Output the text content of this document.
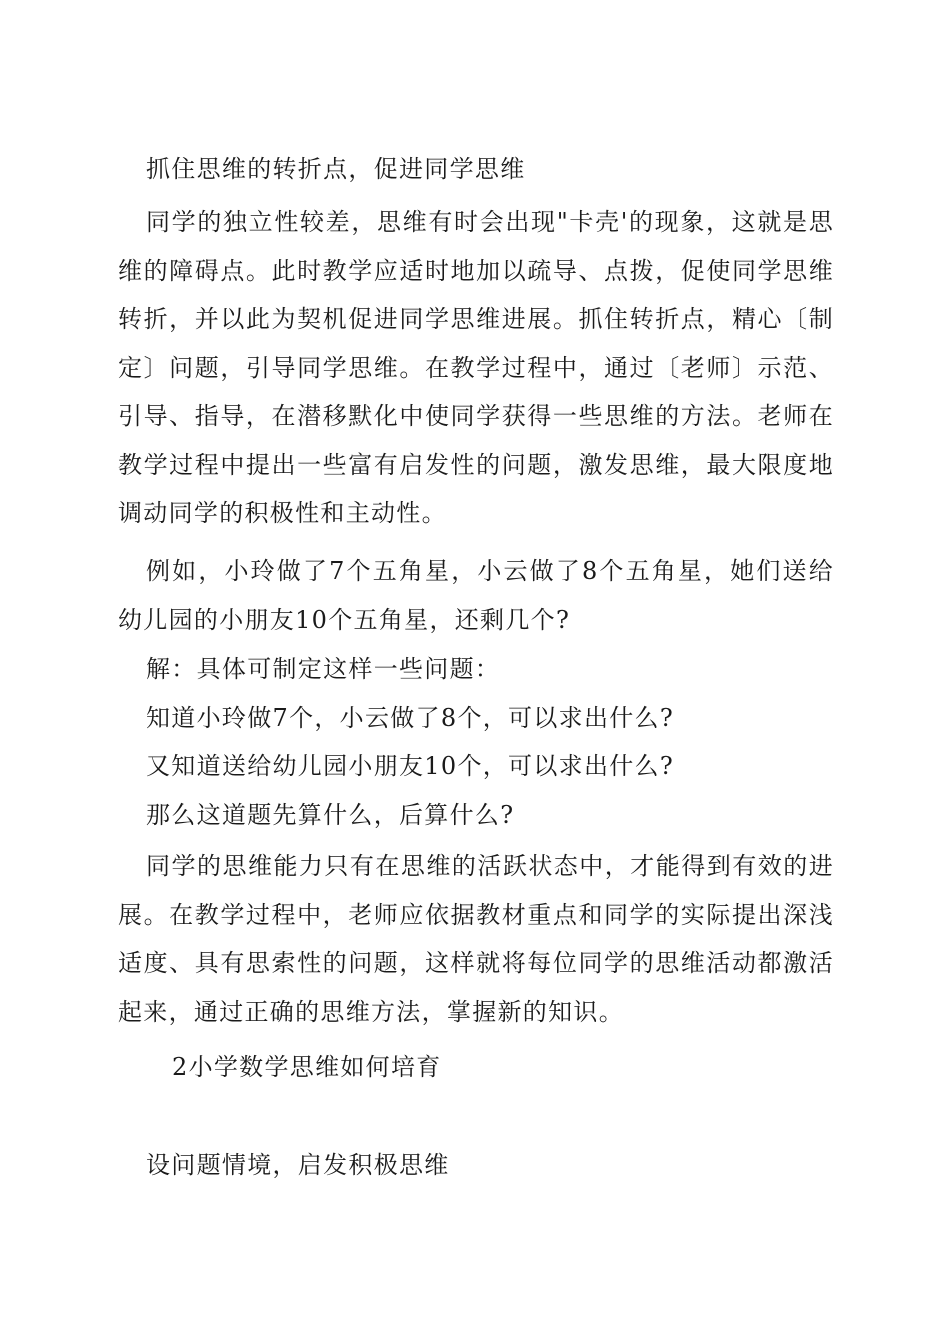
抓住思维的转折点，促进同学思维
同学的独立性较差，思维有时会出现"卡壳'的现象，这就是思维的障碍点。此时教学应适时地加以疏导、点拨，促使同学思维转折，并以此为契机促进同学思维进展。抓住转折点，精心〔制定〕问题，引导同学思维。在教学过程中，通过〔老师〕示范、引导、指导，在潜移默化中使同学获得一些思维的方法。老师在教学过程中提出一些富有启发性的问题，激发思维，最大限度地调动同学的积极性和主动性。
例如，小玲做了7个五角星，小云做了8个五角星，她们送给幼儿园的小朋友10个五角星，还剩几个?
解：具体可制定这样一些问题：
知道小玲做7个，小云做了8个，可以求出什么?
又知道送给幼儿园小朋友10个，可以求出什么?
那么这道题先算什么，后算什么?
同学的思维能力只有在思维的活跃状态中，才能得到有效的进展。在教学过程中，老师应依据教材重点和同学的实际提出深浅适度、具有思索性的问题，这样就将每位同学的思维活动都激活起来，通过正确的思维方法，掌握新的知识。
2小学数学思维如何培育
设问题情境，启发积极思维
